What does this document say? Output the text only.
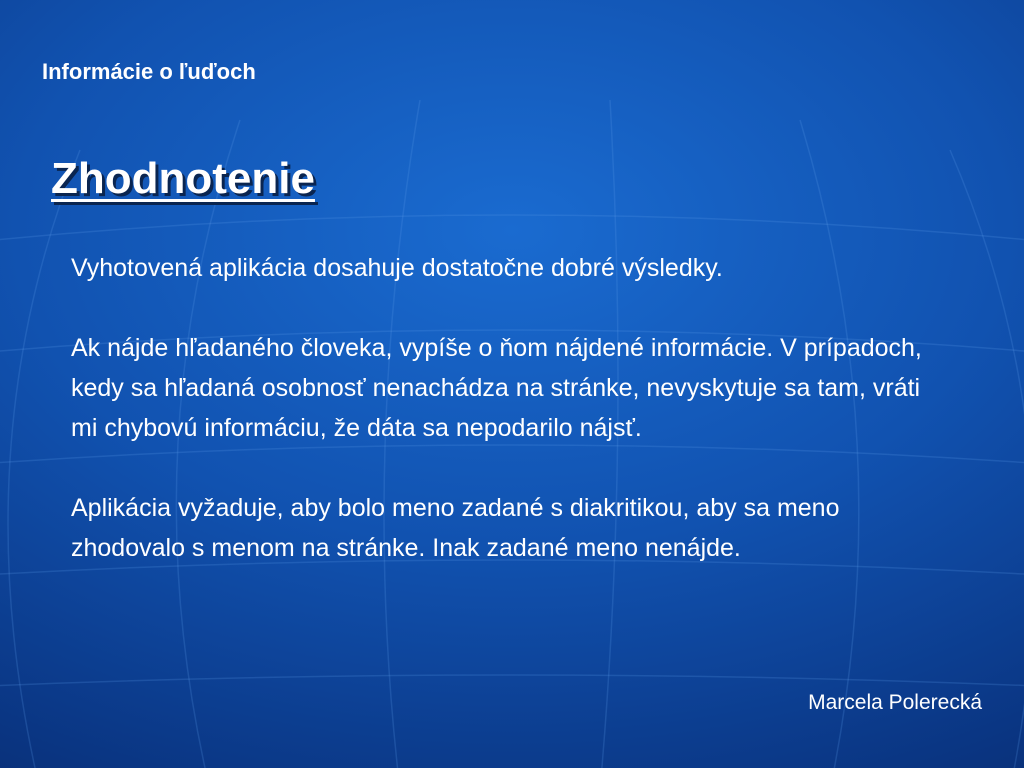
Informácie o ľuďoch
Zhodnotenie

Vyhotovená aplikácia dosahuje dostatočne dobré výsledky.

Ak nájde hľadaného človeka, vypíše o ňom nájdené informácie. V prípadoch, kedy sa hľadaná osobnosť nenachádza na stránke, nevyskytuje sa tam, vráti mi chybovú informáciu, že dáta sa nepodarilo nájsť.

Aplikácia vyžaduje, aby bolo meno zadané s diakritikou, aby sa meno zhodovalo s menom na stránke. Inak zadané meno nenájde.

Marcela Polerecká
